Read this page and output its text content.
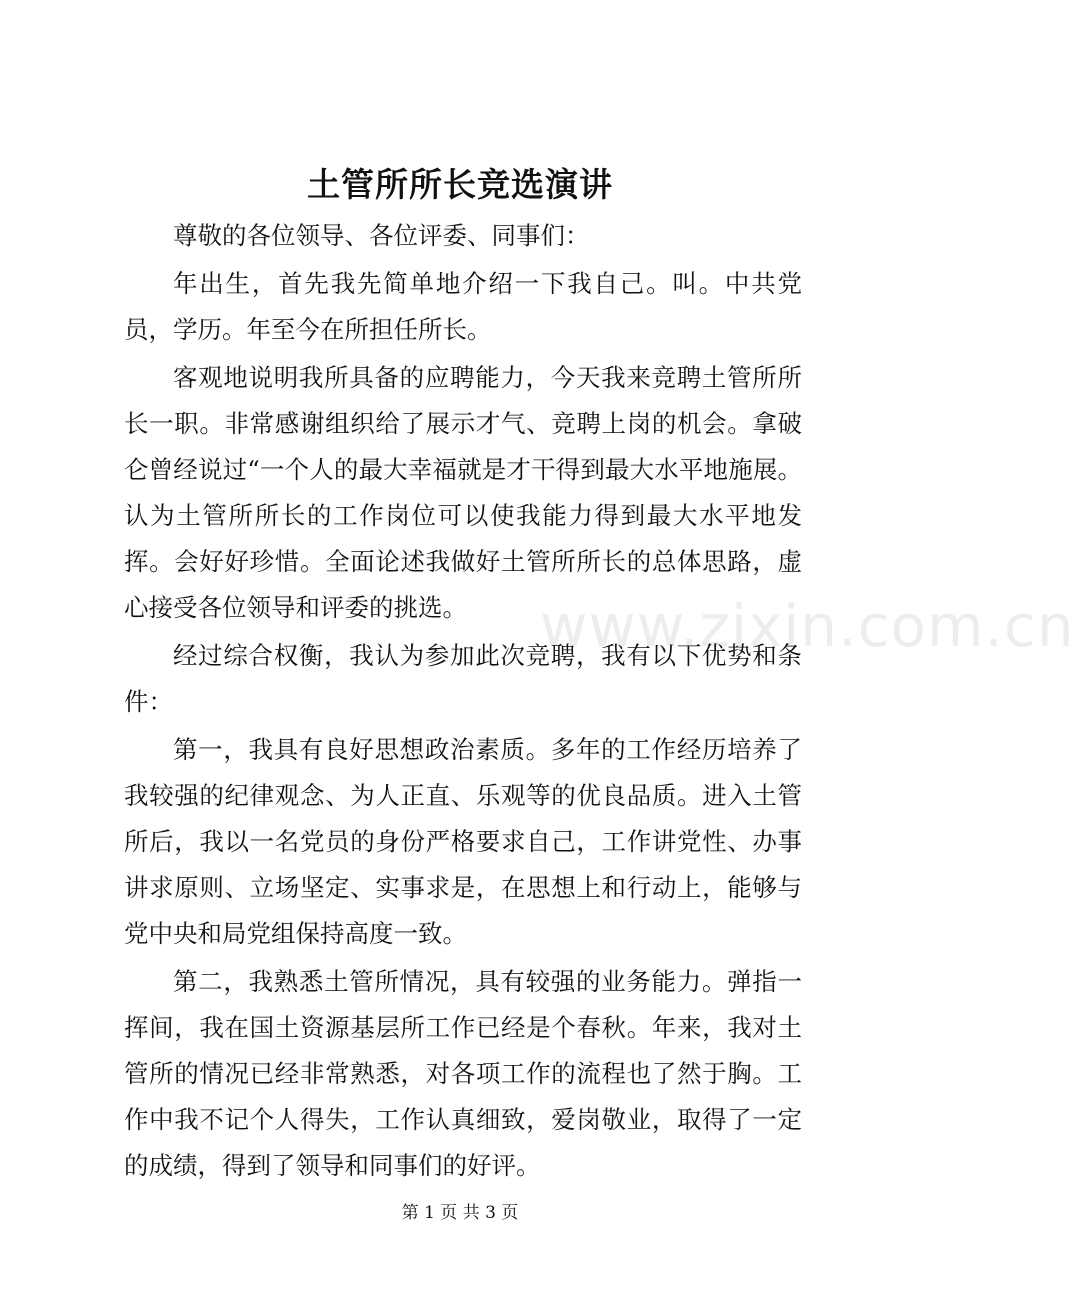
土管所所长竞选演讲

尊敬的各位领导、各位评委、同事们：

年出生，首先我先简单地介绍一下我自己。叫。中共党员，学历。年至今在所担任所长。

客观地说明我所具备的应聘能力，今天我来竞聘土管所所长一职。非常感谢组织给了展示才气、竞聘上岗的机会。拿破仑曾经说过“一个人的最大幸福就是才干得到最大水平地施展。认为土管所所长的工作岗位可以使我能力得到最大水平地发挥。会好好珍惜。全面论述我做好土管所所长的总体思路，虚心接受各位领导和评委的挑选。

经过综合权衡，我认为参加此次竞聘，我有以下优势和条件：

第一，我具有良好思想政治素质。多年的工作经历培养了我较强的纪律观念、为人正直、乐观等的优良品质。进入土管所后，我以一名党员的身份严格要求自己，工作讲党性、办事讲求原则、立场坚定、实事求是，在思想上和行动上，能够与党中央和局党组保持高度一致。

第二，我熟悉土管所情况，具有较强的业务能力。弹指一挥间，我在国土资源基层所工作已经是个春秋。年来，我对土管所的情况已经非常熟悉，对各项工作的流程也了然于胸。工作中我不记个人得失，工作认真细致，爱岗敬业，取得了一定的成绩，得到了领导和同事们的好评。

www.zixin.com.cn
第 1 页 共 3 页
